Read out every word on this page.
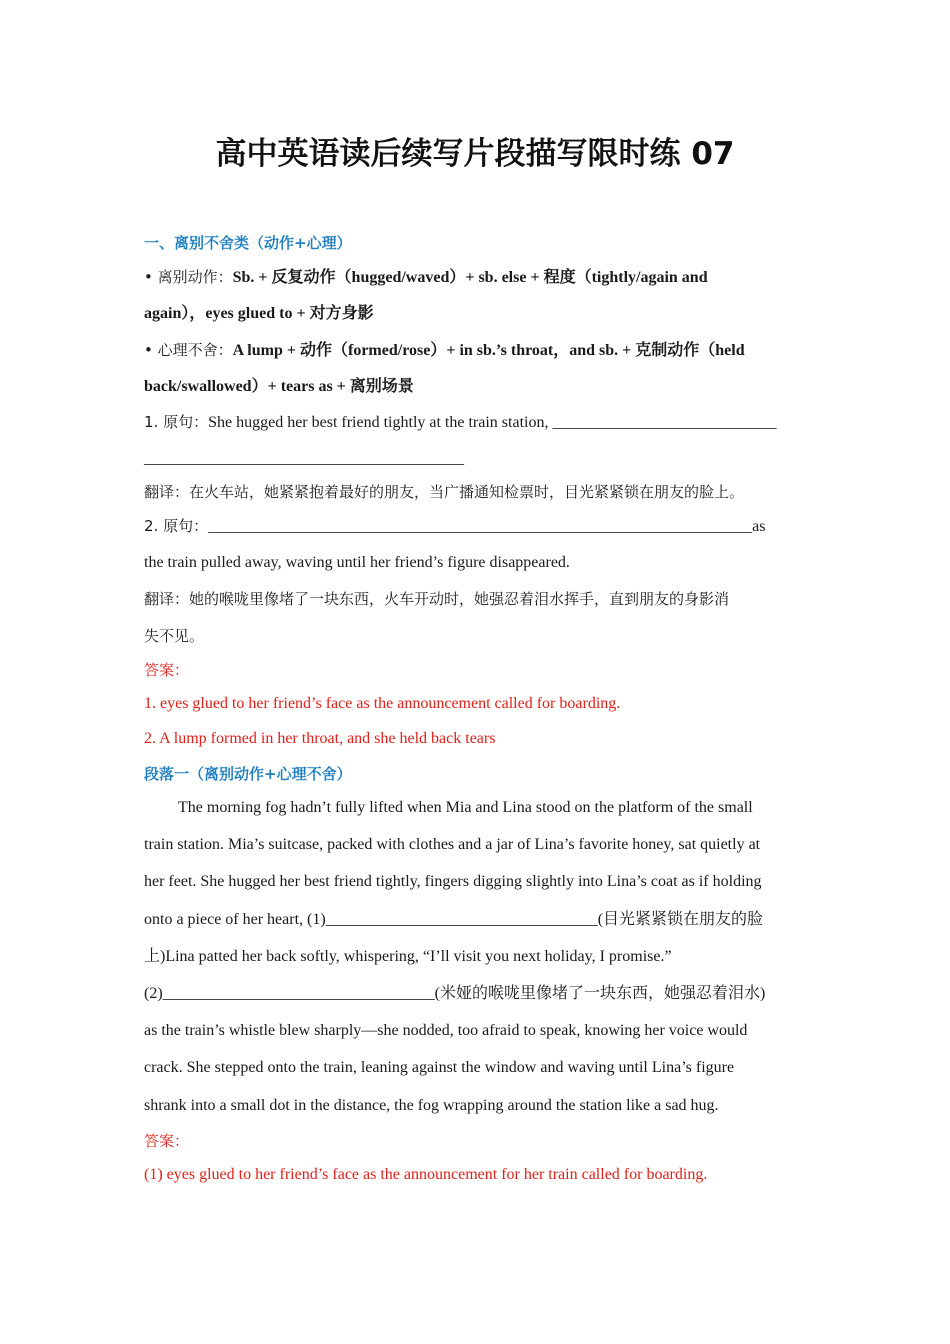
高中英语读后续写片段描写限时练 07
一、离别不舍类（动作+心理）
• 离别动作：Sb. + 反复动作（hugged/waved）+ sb. else + 程度（tightly/again and
again），eyes glued to + 对方身影
• 心理不舍：A lump + 动作（formed/rose）+ in sb.’s throat，and sb. + 克制动作（held
back/swallowed）+ tears as + 离别场景
1. 原句：She hugged her best friend tightly at the train station, ____________________________
________________________________________
翻译：在火车站，她紧紧抱着最好的朋友，当广播通知检票时，目光紧紧锁在朋友的脸上。
2. 原句：____________________________________________________________________as
the train pulled away, waving until her friend’s figure disappeared.
翻译：她的喉咙里像堵了一块东西，火车开动时，她强忍着泪水挥手，直到朋友的身影消
失不见。
答案：
1. eyes glued to her friend’s face as the announcement called for boarding.
2. A lump formed in her throat, and she held back tears
段落一（离别动作+心理不舍）
The morning fog hadn’t fully lifted when Mia and Lina stood on the platform of the small
train station. Mia’s suitcase, packed with clothes and a jar of Lina’s favorite honey, sat quietly at
her feet. She hugged her best friend tightly, fingers digging slightly into Lina’s coat as if holding
onto a piece of her heart, (1)__________________________________(目光紧紧锁在朋友的脸
上)Lina patted her back softly, whispering, “I’ll visit you next holiday, I promise.”
(2)__________________________________(米娅的喉咙里像堵了一块东西，她强忍着泪水)
as the train’s whistle blew sharply—she nodded, too afraid to speak, knowing her voice would
crack. She stepped onto the train, leaning against the window and waving until Lina’s figure
shrank into a small dot in the distance, the fog wrapping around the station like a sad hug.
答案：
(1) eyes glued to her friend’s face as the announcement for her train called for boarding.
